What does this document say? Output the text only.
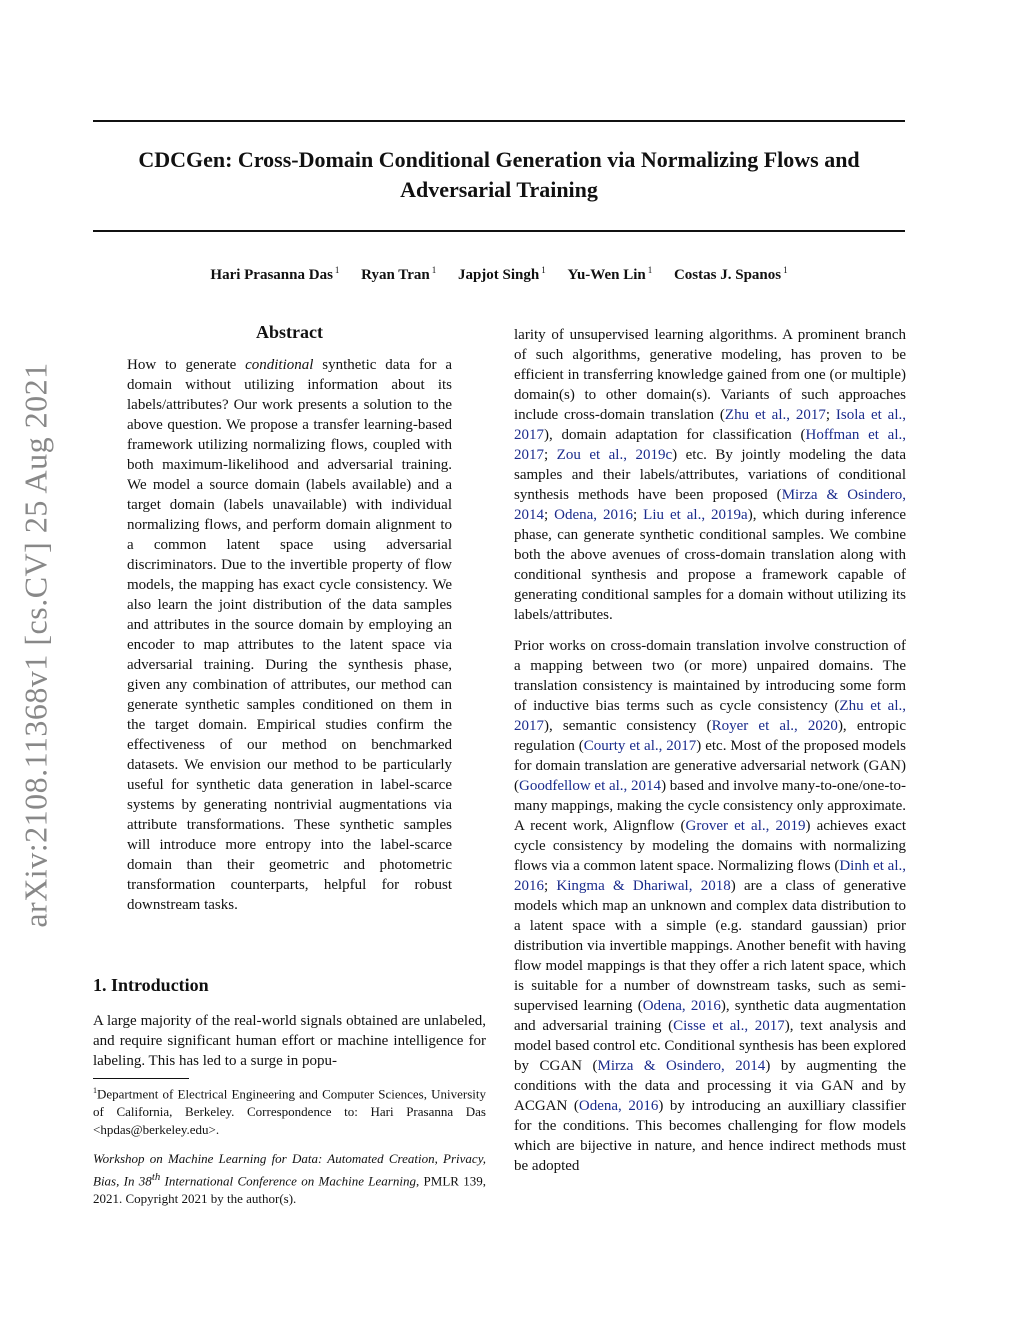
arXiv:2108.11368v1 [cs.CV] 25 Aug 2021
CDCGen: Cross-Domain Conditional Generation via Normalizing Flows and
Adversarial Training
Hari Prasanna Das $^1$ Ryan Tran $^1$ Japjot Singh $^1$ Yu-Wen Lin $^1$ Costas J. Spanos $^1$
Abstract
How to generate conditional synthetic data for a domain without utilizing information about its labels/attributes? Our work presents a solution to the above question. We propose a transfer learning-based framework utilizing normalizing flows, coupled with both maximum-likelihood and adversarial training. We model a source domain (labels available) and a target domain (labels unavailable) with individual normalizing flows, and perform domain alignment to a common latent space using adversarial discriminators. Due to the invertible property of flow models, the mapping has exact cycle consistency. We also learn the joint distribution of the data samples and attributes in the source domain by employing an encoder to map attributes to the latent space via adversarial training. During the synthesis phase, given any combination of attributes, our method can generate synthetic samples conditioned on them in the target domain. Empirical studies confirm the effectiveness of our method on benchmarked datasets. We envision our method to be particularly useful for synthetic data generation in label-scarce systems by generating nontrivial augmentations via attribute transformations. These synthetic samples will introduce more entropy into the label-scarce domain than their geometric and photometric transformation counterparts, helpful for robust downstream tasks.
1. Introduction
A large majority of the real-world signals obtained are unlabeled, and require significant human effort or machine intelligence for labeling. This has led to a surge in popu-
$^1$Department of Electrical Engineering and Computer Sciences, University of California, Berkeley. Correspondence to: Hari Prasanna Das <hpdas@berkeley.edu>.
Workshop on Machine Learning for Data: Automated Creation, Privacy, Bias, In 38th International Conference on Machine Learning, PMLR 139, 2021. Copyright 2021 by the author(s).

larity of unsupervised learning algorithms. A prominent branch of such algorithms, generative modeling, has proven to be efficient in transferring knowledge gained from one (or multiple) domain(s) to other domain(s). Variants of such approaches include cross-domain translation (Zhu et al., 2017; Isola et al., 2017), domain adaptation for classification (Hoffman et al., 2017; Zou et al., 2019c) etc. By jointly modeling the data samples and their labels/attributes, variations of conditional synthesis methods have been proposed (Mirza & Osindero, 2014; Odena, 2016; Liu et al., 2019a), which during inference phase, can generate synthetic conditional samples. We combine both the above avenues of cross-domain translation along with conditional synthesis and propose a framework capable of generating conditional samples for a domain without utilizing its labels/attributes.

Prior works on cross-domain translation involve construction of a mapping between two (or more) unpaired domains. The translation consistency is maintained by introducing some form of inductive bias terms such as cycle consistency (Zhu et al., 2017), semantic consistency (Royer et al., 2020), entropic regulation (Courty et al., 2017) etc. Most of the proposed models for domain translation are generative adversarial network (GAN) (Goodfellow et al., 2014) based and involve many-to-one/one-to-many mappings, making the cycle consistency only approximate. A recent work, Alignflow (Grover et al., 2019) achieves exact cycle consistency by modeling the domains with normalizing flows via a common latent space. Normalizing flows (Dinh et al., 2016; Kingma & Dhariwal, 2018) are a class of generative models which map an unknown and complex data distribution to a latent space with a simple (e.g. standard gaussian) prior distribution via invertible mappings. Another benefit with having flow model mappings is that they offer a rich latent space, which is suitable for a number of downstream tasks, such as semi-supervised learning (Odena, 2016), synthetic data augmentation and adversarial training (Cisse et al., 2017), text analysis and model based control etc. Conditional synthesis has been explored by CGAN (Mirza & Osindero, 2014) by augmenting the conditions with the data and processing it via GAN and by ACGAN (Odena, 2016) by introducing an auxilliary classifier for the conditions. This becomes challenging for flow models which are bijective in nature, and hence indirect methods must be adopted
